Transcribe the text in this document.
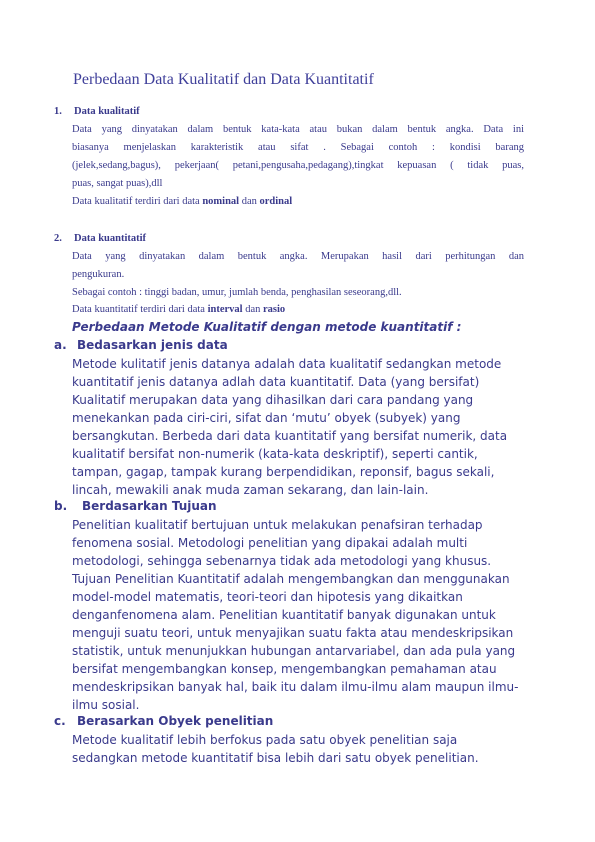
Perbedaan Data Kualitatif dan Data Kuantitatif
1. Data kualitatif
Data yang dinyatakan dalam bentuk kata-kata atau bukan dalam bentuk angka. Data ini
biasanya menjelaskan karakteristik atau sifat . Sebagai contoh : kondisi barang
(jelek,sedang,bagus), pekerjaan( petani,pengusaha,pedagang),tingkat kepuasan ( tidak puas,
puas, sangat puas),dll
Data kualitatif terdiri dari data nominal dan ordinal
2. Data kuantitatif
Data yang dinyatakan dalam bentuk angka. Merupakan hasil dari perhitungan dan
pengukuran.
Sebagai contoh : tinggi badan, umur, jumlah benda, penghasilan seseorang,dll.
Data kuantitatif terdiri dari data interval dan rasio
Perbedaan Metode Kualitatif dengan metode kuantitatif :
a. Bedasarkan jenis data
Metode kulitatif jenis datanya adalah data kualitatif sedangkan metode
kuantitatif jenis datanya adlah data kuantitatif. Data (yang bersifat)
Kualitatif merupakan data yang dihasilkan dari cara pandang yang
menekankan pada ciri-ciri, sifat dan ‘mutu’ obyek (subyek) yang
bersangkutan. Berbeda dari data kuantitatif yang bersifat numerik, data
kualitatif bersifat non-numerik (kata-kata deskriptif), seperti cantik,
tampan, gagap, tampak kurang berpendidikan, reponsif, bagus sekali,
lincah, mewakili anak muda zaman sekarang, dan lain-lain.
b. Berdasarkan Tujuan
Penelitian kualitatif bertujuan untuk melakukan penafsiran terhadap
fenomena sosial. Metodologi penelitian yang dipakai adalah multi
metodologi, sehingga sebenarnya tidak ada metodologi yang khusus.
Tujuan Penelitian Kuantitatif adalah mengembangkan dan menggunakan
model-model matematis, teori-teori dan hipotesis yang dikaitkan
denganfenomena alam. Penelitian kuantitatif banyak digunakan untuk
menguji suatu teori, untuk menyajikan suatu fakta atau mendeskripsikan
statistik, untuk menunjukkan hubungan antarvariabel, dan ada pula yang
bersifat mengembangkan konsep, mengembangkan pemahaman atau
mendeskripsikan banyak hal, baik itu dalam ilmu-ilmu alam maupun ilmu-
ilmu sosial.
c. Berasarkan Obyek penelitian
Metode kualitatif lebih berfokus pada satu obyek penelitian saja
sedangkan metode kuantitatif bisa lebih dari satu obyek penelitian.
